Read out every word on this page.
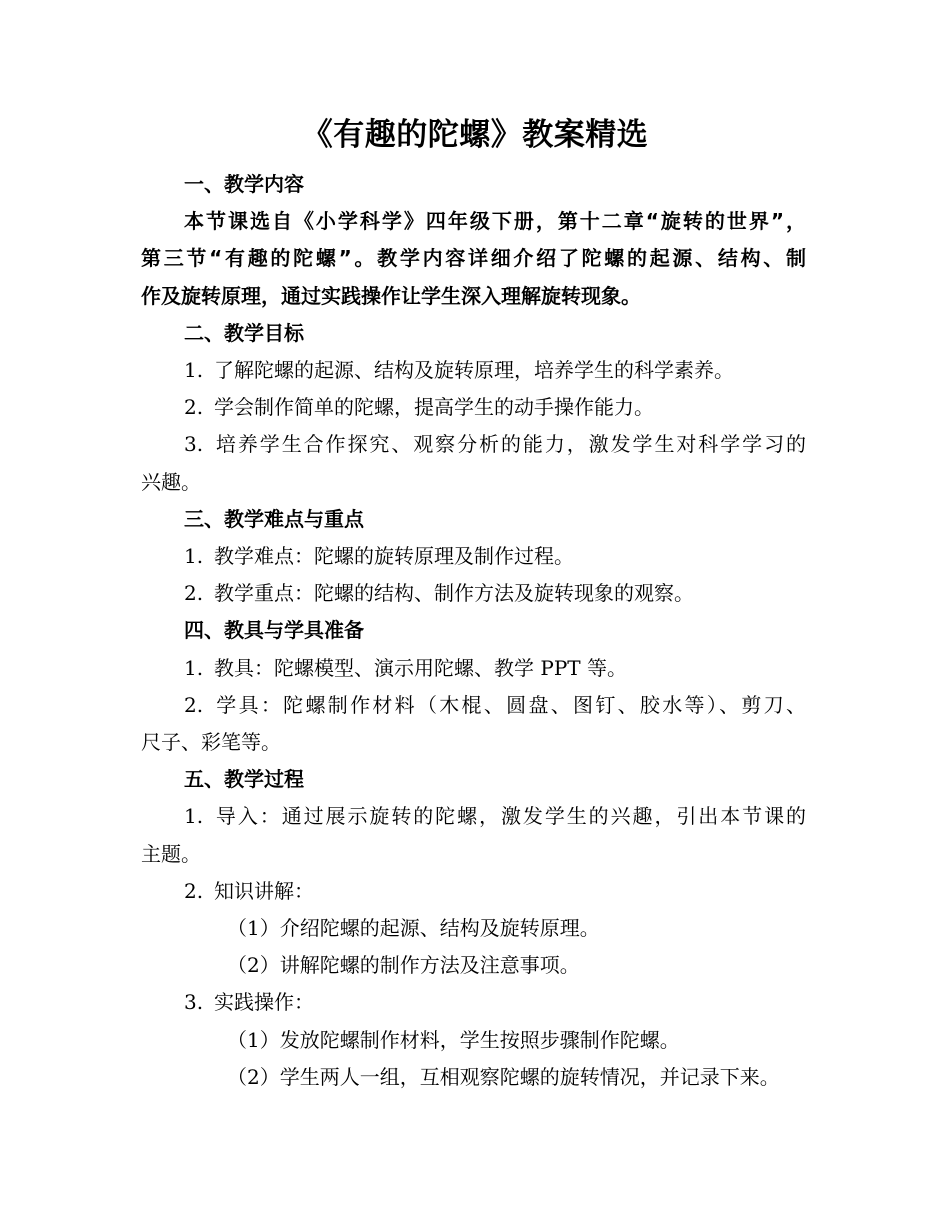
《有趣的陀螺》教案精选
一、教学内容
本节课选自《小学科学》四年级下册，第十二章“旋转的世界”，
第三节“有趣的陀螺”。教学内容详细介绍了陀螺的起源、结构、制
作及旋转原理，通过实践操作让学生深入理解旋转现象。
二、教学目标
1. 了解陀螺的起源、结构及旋转原理，培养学生的科学素养。
2. 学会制作简单的陀螺，提高学生的动手操作能力。
3. 培养学生合作探究、观察分析的能力，激发学生对科学学习的
兴趣。
三、教学难点与重点
1. 教学难点：陀螺的旋转原理及制作过程。
2. 教学重点：陀螺的结构、制作方法及旋转现象的观察。
四、教具与学具准备
1. 教具：陀螺模型、演示用陀螺、教学 PPT 等。
2. 学具：陀螺制作材料（木棍、圆盘、图钉、胶水等）、剪刀、
尺子、彩笔等。
五、教学过程
1. 导入：通过展示旋转的陀螺，激发学生的兴趣，引出本节课的
主题。
2. 知识讲解：
（1）介绍陀螺的起源、结构及旋转原理。
（2）讲解陀螺的制作方法及注意事项。
3. 实践操作：
（1）发放陀螺制作材料，学生按照步骤制作陀螺。
（2）学生两人一组，互相观察陀螺的旋转情况，并记录下来。
